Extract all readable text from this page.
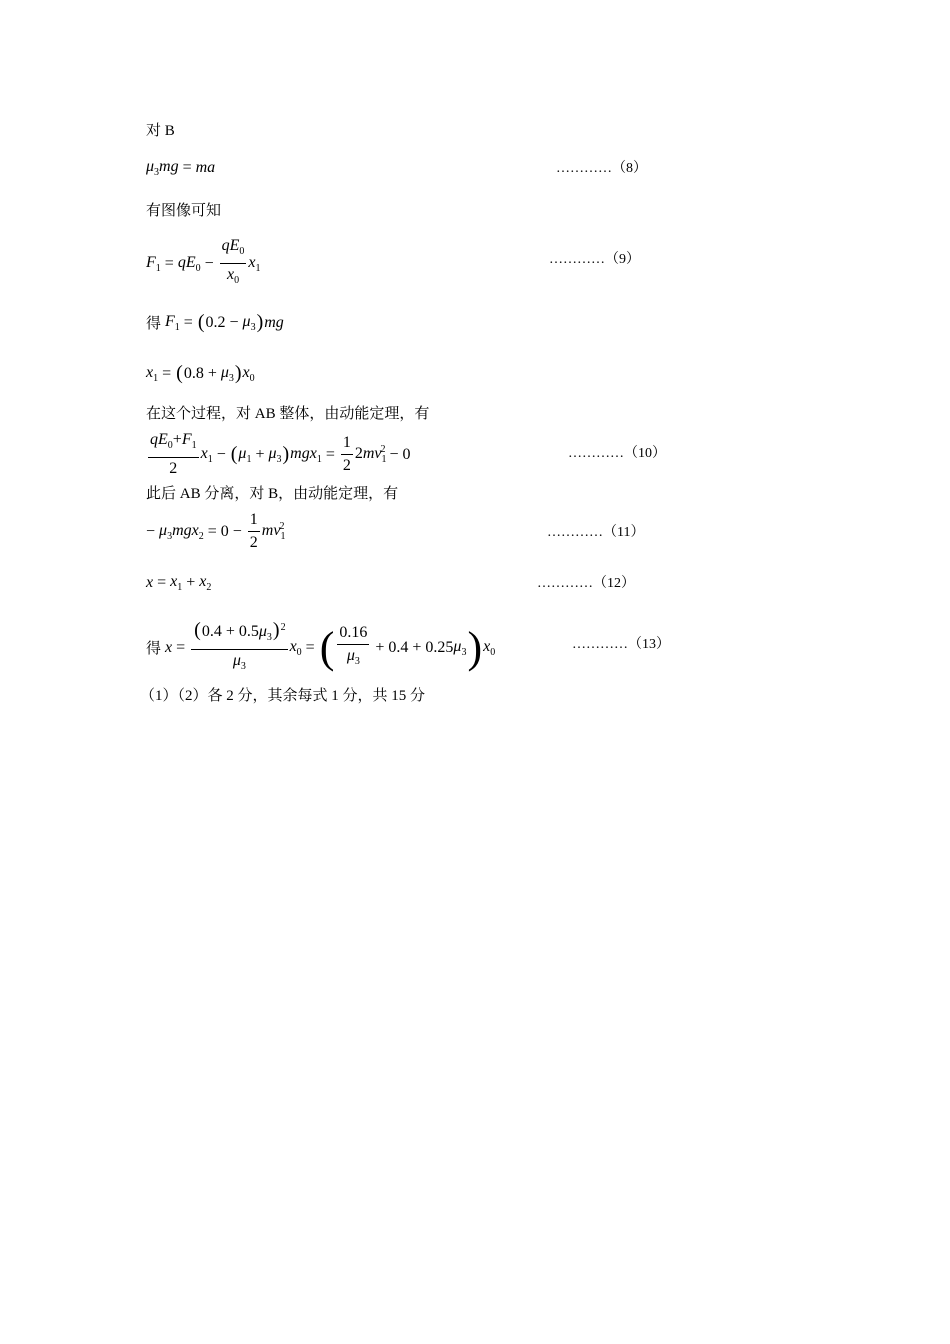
对 B
$\mu_3mg$ = ma	…………（8）
有图像可知
$F_1 = qE_0 - \frac{qE_0}{x_0} x_1$
…………（9）
得 $F_1$ = ( $0.2 - \mu_3$ ) mg
$x_1$ = ( $0.8 + \mu_3$ ) $x_0$
在这个过程，对 AB 整体，由动能定理，有
$\frac{qE_0+F_1}{2} x_1$ − ( $\mu_1 + \mu_3$ ) $mgx_1 = \frac{1}{2} 2mv_1^2 - 0$	…………（10）
此后 AB 分离，对 B，由动能定理，有
− $\mu_3mgx_2 = 0 - \frac{1}{2} mv_1^2$	…………（11）
$x = x_1 + x_2$	…………（12）
得 $x = \frac{(0.4 + 0.5\mu_3)^2}{\mu_3} x_0$ = ( $\frac{0.16}{\mu_3} + 0.4 + 0.25$ $\mu_3$ ) $x_0$	…………（13）
（1）（2）各 2 分，其余每式 1 分，共 15 分
